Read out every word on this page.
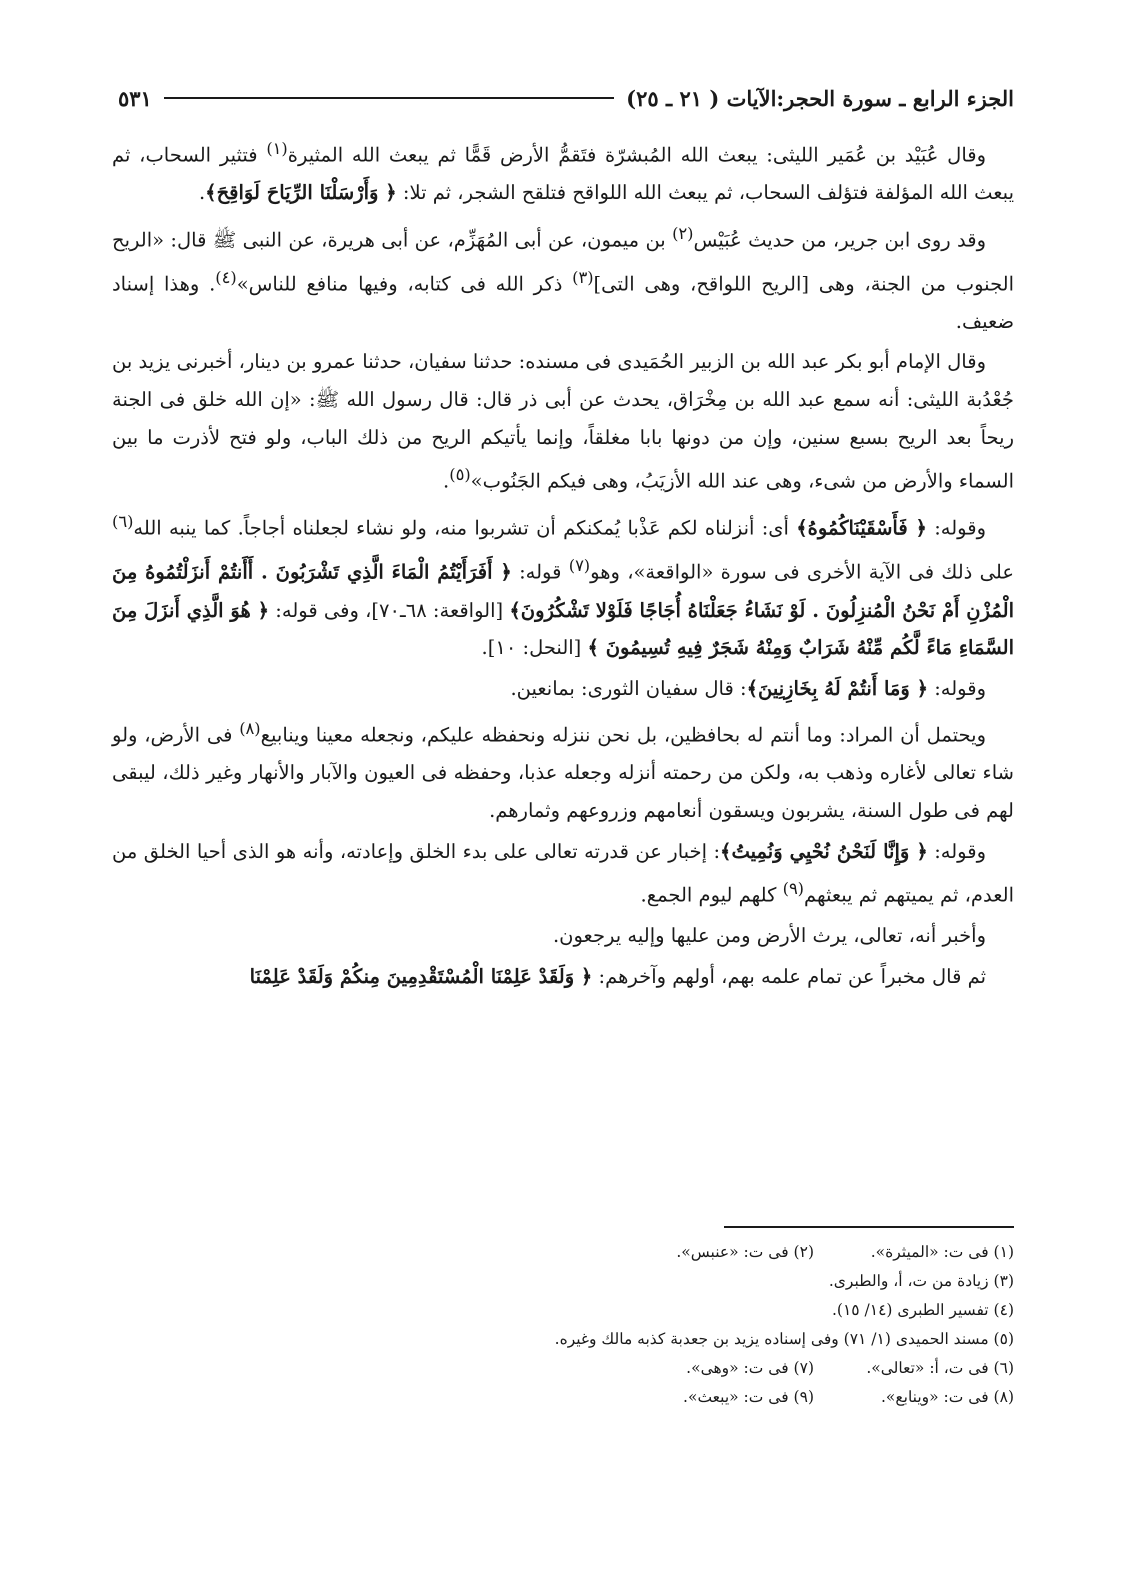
الجزء الرابع ـ سورة الحجر:الآيات ( ٢١ ـ ٢٥)
٥٣١

وقال عُبَيْد بن عُمَير الليثى: يبعث الله المُبشرّة فتَقمُّ الأرض قَمًّا ثم يبعث الله المثيرة$^{(١)}$ فتثير السحاب، ثم يبعث الله المؤلفة فتؤلف السحاب، ثم يبعث الله اللواقح فتلقح الشجر، ثم تلا: ﴿ وَأَرْسَلْنَا الرِّيَاحَ لَوَاقِحَ﴾.

وقد روى ابن جرير، من حديث عُبَيْس$^{(٢)}$ بن ميمون، عن أبى المُهَزِّم، عن أبى هريرة، عن النبى ﷺ قال: «الريح الجنوب من الجنة، وهى [الريح اللواقح، وهى التى]$^{(٣)}$ ذكر الله فى كتابه، وفيها منافع للناس»$^{(٤)}$. وهذا إسناد ضعيف.

وقال الإمام أبو بكر عبد الله بن الزبير الحُمَيدى فى مسنده: حدثنا سفيان، حدثنا عمرو بن دينار، أخبرنى يزيد بن جُعْدُبة الليثى: أنه سمع عبد الله بن مِخْرَاق، يحدث عن أبى ذر قال: قال رسول الله ﷺ: «إن الله خلق فى الجنة ريحاً بعد الريح بسبع سنين، وإن من دونها بابا مغلقاً، وإنما يأتيكم الريح من ذلك الباب، ولو فتح لأذرت ما بين السماء والأرض من شىء، وهى عند الله الأزيَبُ، وهى فيكم الجَنُوب»$^{(٥)}$.

وقوله: ﴿ فَأَسْقَيْنَاكُمُوهُ﴾ أى: أنزلناه لكم عَذْبا يُمكنكم أن تشربوا منه، ولو نشاء لجعلناه أجاجاً. كما ينبه الله$^{(٦)}$ على ذلك فى الآية الأخرى فى سورة «الواقعة»، وهو$^{(٧)}$ قوله: ﴿ أَفَرَأَيْتُمُ الْمَاءَ الَّذِي تَشْرَبُونَ . أَأَنتُمْ أَنزَلْتُمُوهُ مِنَ الْمُزْنِ أَمْ نَحْنُ الْمُنزِلُونَ . لَوْ نَشَاءُ جَعَلْنَاهُ أُجَاجًا فَلَوْلا تَشْكُرُونَ﴾ [الواقعة: ٦٨ـ٧٠]، وفى قوله: ﴿ هُوَ الَّذِي أَنزَلَ مِنَ السَّمَاءِ مَاءً لَّكُم مِّنْهُ شَرَابٌ وَمِنْهُ شَجَرٌ فِيهِ تُسِيمُونَ ﴾ [النحل: ١٠].

وقوله: ﴿ وَمَا أَنتُمْ لَهُ بِخَازِنِينَ﴾: قال سفيان الثورى: بمانعين.

ويحتمل أن المراد: وما أنتم له بحافظين، بل نحن ننزله ونحفظه عليكم، ونجعله معينا وينابيع$^{(٨)}$ فى الأرض، ولو شاء تعالى لأغاره وذهب به، ولكن من رحمته أنزله وجعله عذبا، وحفظه فى العيون والآبار والأنهار وغير ذلك، ليبقى لهم فى طول السنة، يشربون ويسقون أنعامهم وزروعهم وثمارهم.

وقوله: ﴿ وَإِنَّا لَنَحْنُ نُحْيِي وَنُمِيتُ﴾: إخبار عن قدرته تعالى على بدء الخلق وإعادته، وأنه هو الذى أحيا الخلق من العدم، ثم يميتهم ثم يبعثهم$^{(٩)}$ كلهم ليوم الجمع.

وأخبر أنه، تعالى، يرث الأرض ومن عليها وإليه يرجعون.

ثم قال مخبراً عن تمام علمه بهم، أولهم وآخرهم: ﴿ وَلَقَدْ عَلِمْنَا الْمُسْتَقْدِمِينَ مِنكُمْ وَلَقَدْ عَلِمْنَا

(١) فى ت: «الميثرة».
(٢) فى ت: «عنبس».
(٣) زيادة من ت، أ، والطبرى.
(٤) تفسير الطبرى (١٤/ ١٥).
(٥) مسند الحميدى (١/ ٧١) وفى إسناده يزيد بن جعدبة كذبه مالك وغيره.
(٦) فى ت، أ: «تعالى».
(٧) فى ت: «وهى».
(٨) فى ت: «وينابع».
(٩) فى ت: «يبعث».
